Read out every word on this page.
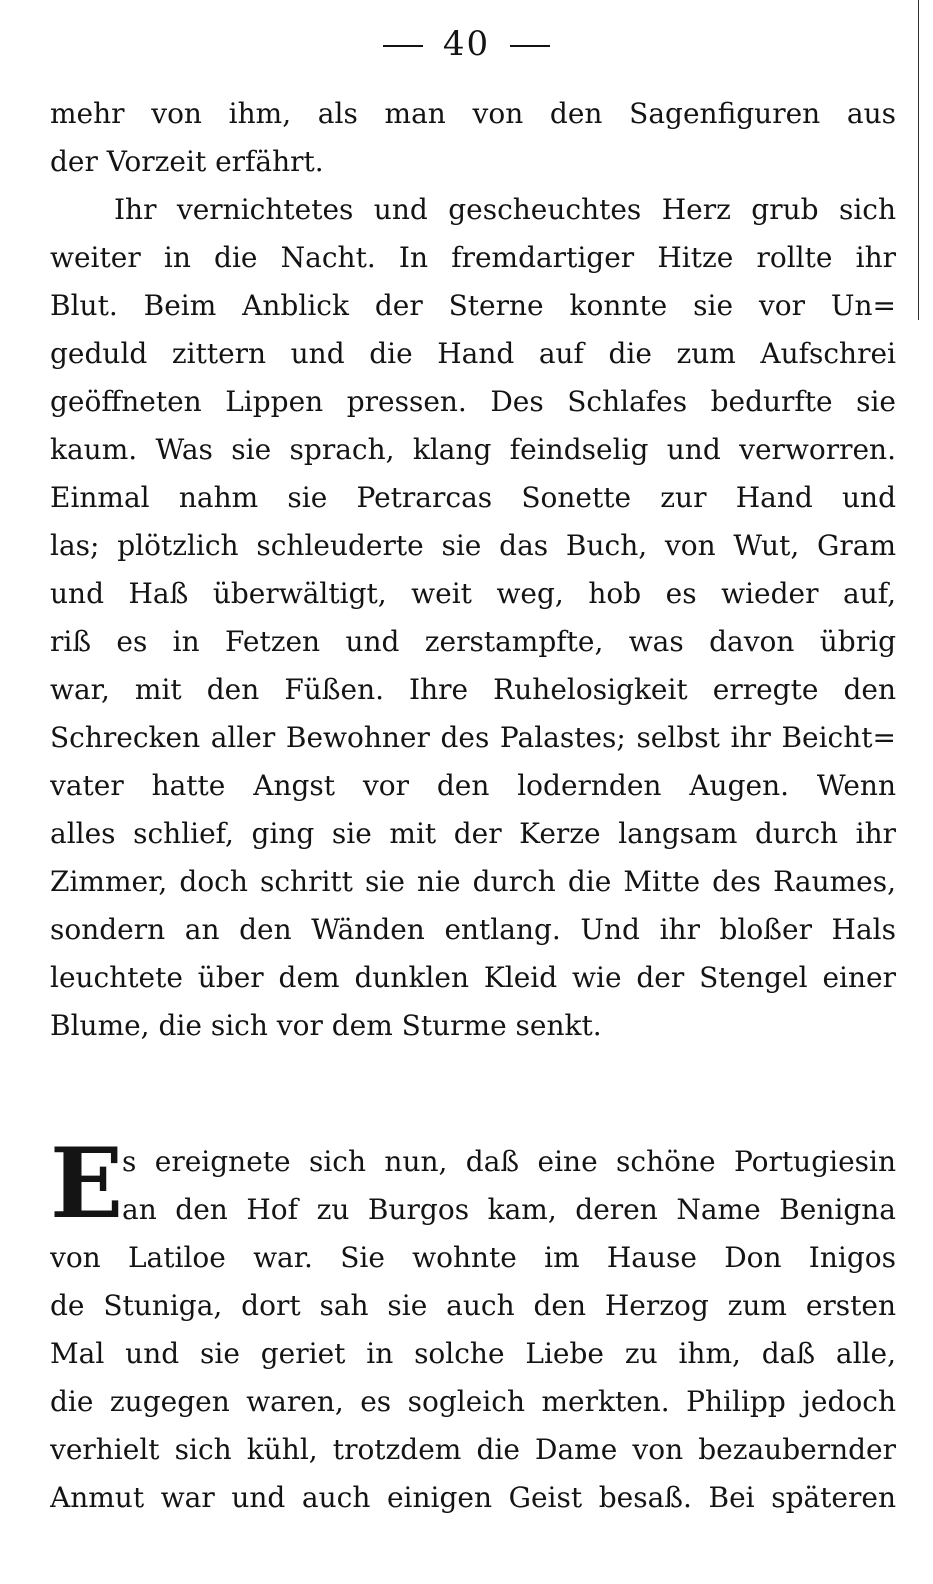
40
mehr von ihm, als man von den Sagenfiguren aus
der Vorzeit erfährt.
Ihr vernichtetes und gescheuchtes Herz grub sich
weiter in die Nacht. In fremdartiger Hitze rollte ihr
Blut. Beim Anblick der Sterne konnte sie vor Un=
geduld zittern und die Hand auf die zum Aufschrei
geöffneten Lippen pressen. Des Schlafes bedurfte sie
kaum. Was sie sprach, klang feindselig und verworren.
Einmal nahm sie Petrarcas Sonette zur Hand und
las; plötzlich schleuderte sie das Buch, von Wut, Gram
und Haß überwältigt, weit weg, hob es wieder auf,
riß es in Fetzen und zerstampfte, was davon übrig
war, mit den Füßen. Ihre Ruhelosigkeit erregte den
Schrecken aller Bewohner des Palastes; selbst ihr Beicht=
vater hatte Angst vor den lodernden Augen. Wenn
alles schlief, ging sie mit der Kerze langsam durch ihr
Zimmer, doch schritt sie nie durch die Mitte des Raumes,
sondern an den Wänden entlang. Und ihr bloßer Hals
leuchtete über dem dunklen Kleid wie der Stengel einer
Blume, die sich vor dem Sturme senkt.
E
s ereignete sich nun, daß eine schöne Portugiesin
an den Hof zu Burgos kam, deren Name Benigna
von Latiloe war. Sie wohnte im Hause Don Inigos
de Stuniga, dort sah sie auch den Herzog zum ersten
Mal und sie geriet in solche Liebe zu ihm, daß alle,
die zugegen waren, es sogleich merkten. Philipp jedoch
verhielt sich kühl, trotzdem die Dame von bezaubernder
Anmut war und auch einigen Geist besaß. Bei späteren
